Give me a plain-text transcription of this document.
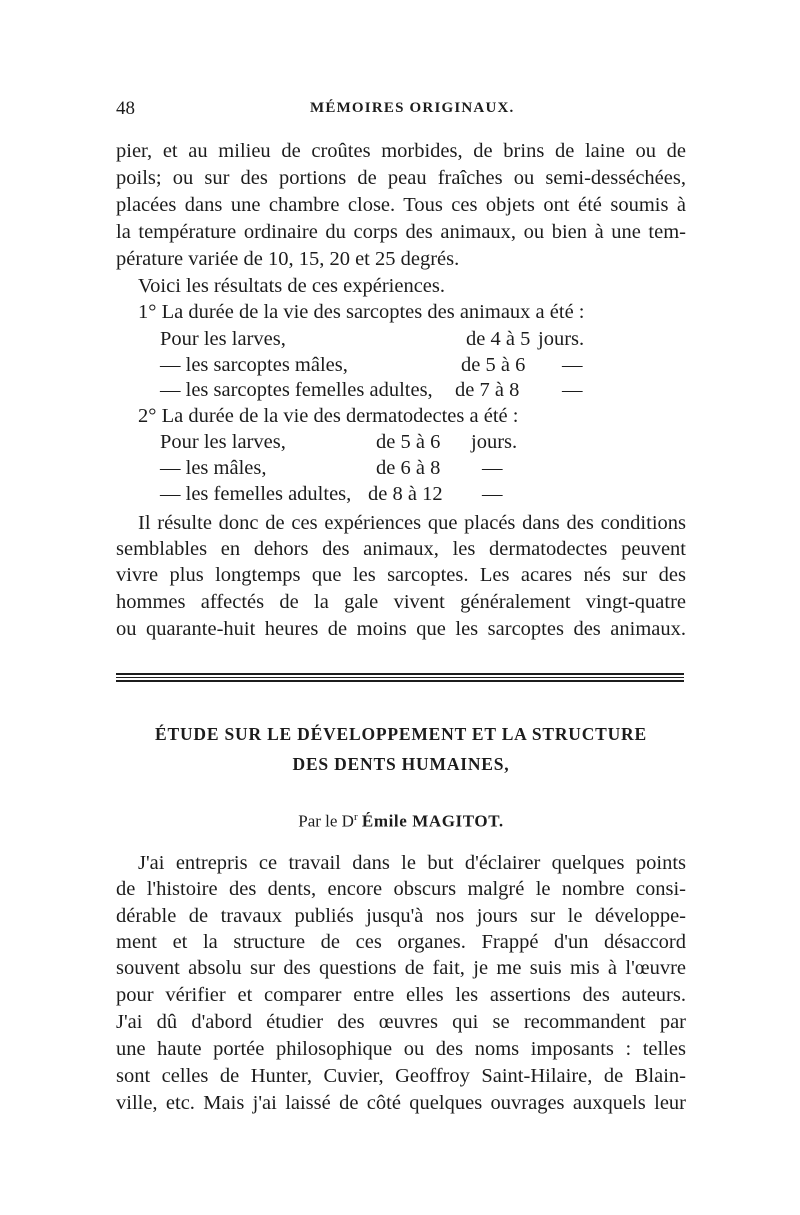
48	MÉMOIRES ORIGINAUX.
pier, et au milieu de croûtes morbides, de brins de laine ou de
poils; ou sur des portions de peau fraîches ou semi-desséchées,
placées dans une chambre close. Tous ces objets ont été soumis à
la température ordinaire du corps des animaux, ou bien à une tem-
pérature variée de 10, 15, 20 et 25 degrés.
Voici les résultats de ces expériences.
1° La durée de la vie des sarcoptes des animaux a été :
Pour les larves,	de 4 à 5 jours.
— les sarcoptes mâles,	de 5 à 6 —
— les sarcoptes femelles adultes, de 7 à 8 —
2° La durée de la vie des dermatodectes a été :
Pour les larves,	de 5 à 6 jours.
— les mâles,	de 6 à 8 —
— les femelles adultes, de 8 à 12 —
Il résulte donc de ces expériences que placés dans des conditions
semblables en dehors des animaux, les dermatodectes peuvent
vivre plus longtemps que les sarcoptes. Les acares nés sur des
hommes affectés de la gale vivent généralement vingt-quatre
ou quarante-huit heures de moins que les sarcoptes des animaux.
ÉTUDE SUR LE DÉVELOPPEMENT ET LA STRUCTURE
DES DENTS HUMAINES,
Par le $D^r$ Émile MAGITOT.
J'ai entrepris ce travail dans le but d'éclairer quelques points
de l'histoire des dents, encore obscurs malgré le nombre consi-
dérable de travaux publiés jusqu'à nos jours sur le développe-
ment et la structure de ces organes. Frappé d'un désaccord
souvent absolu sur des questions de fait, je me suis mis à l'œuvre
pour vérifier et comparer entre elles les assertions des auteurs.
J'ai dû d'abord étudier des œuvres qui se recommandent par
une haute portée philosophique ou des noms imposants : telles
sont celles de Hunter, Cuvier, Geoffroy Saint-Hilaire, de Blain-
ville, etc. Mais j'ai laissé de côté quelques ouvrages auxquels leur
